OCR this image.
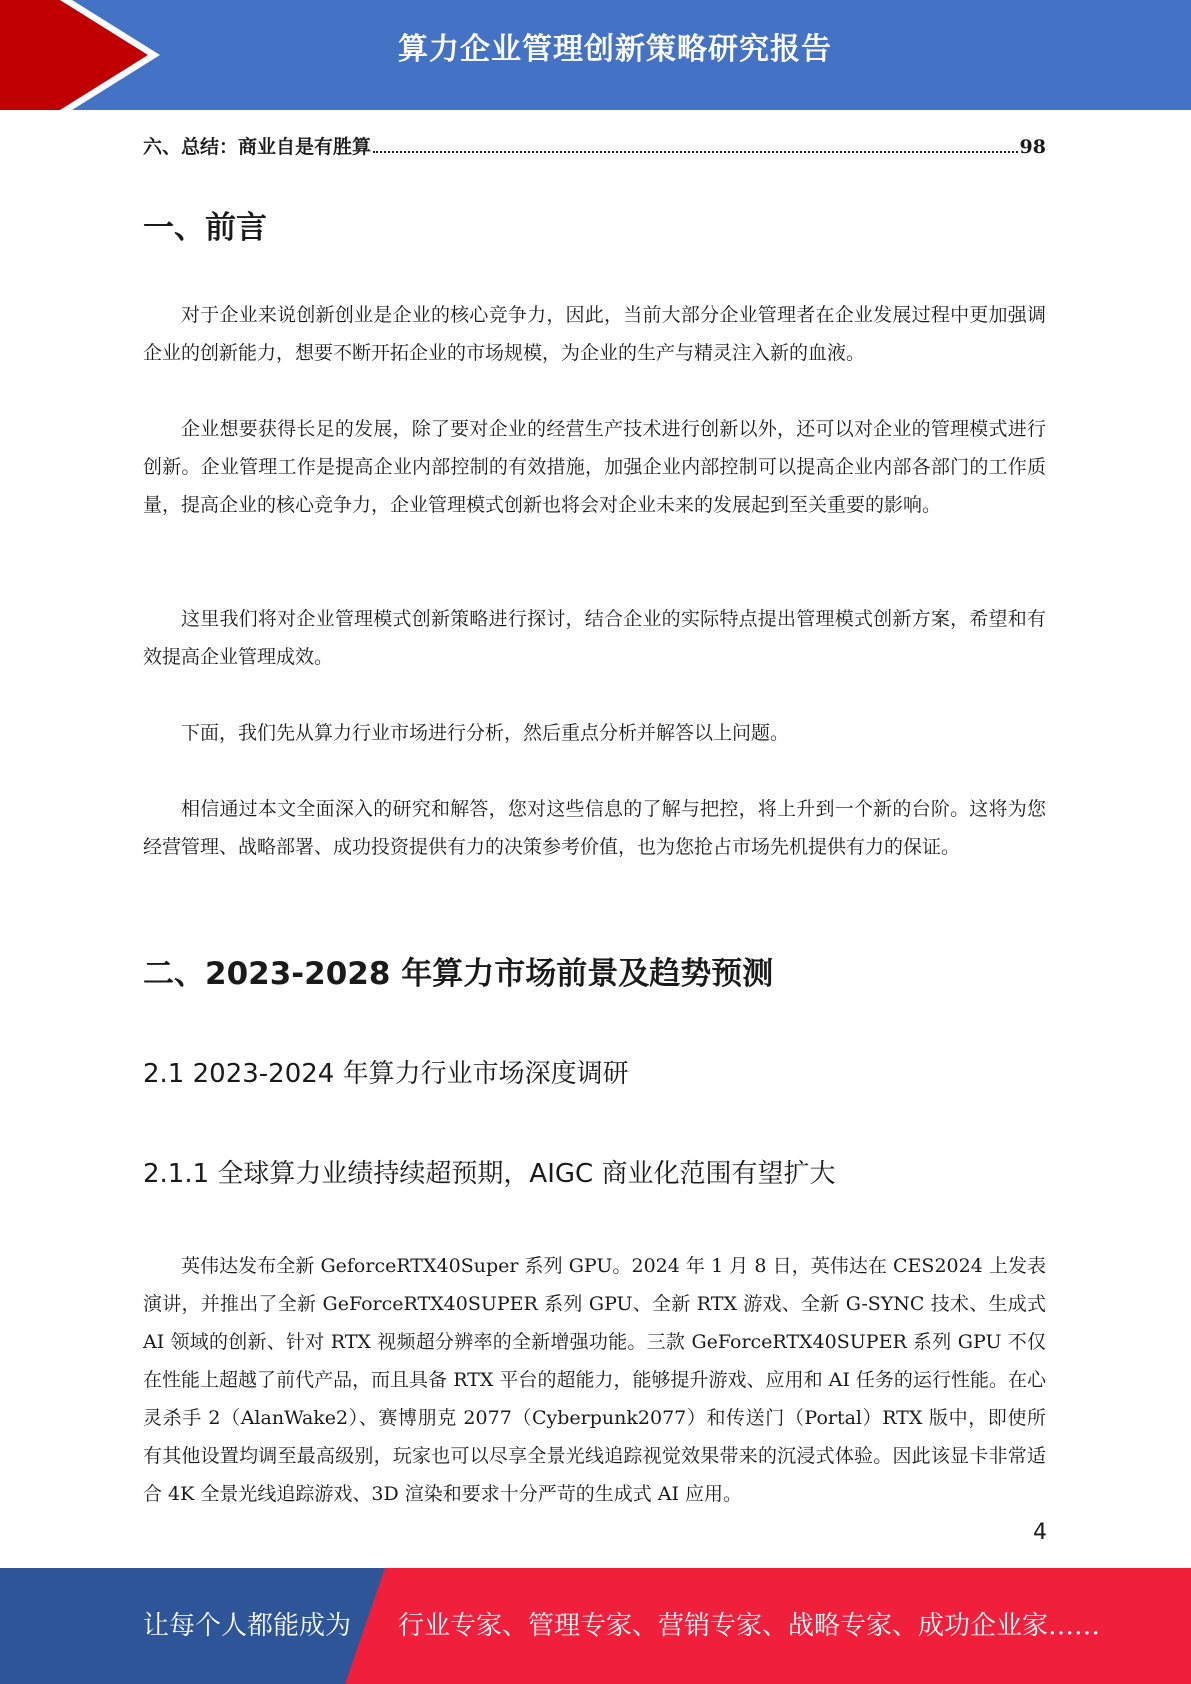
算力企业管理创新策略研究报告
六、总结：商业自是有胜算	98
一、前言

对于企业来说创新创业是企业的核心竞争力，因此，当前大部分企业管理者在企业发展过程中更加强调企业的创新能力，想要不断开拓企业的市场规模，为企业的生产与精灵注入新的血液。

企业想要获得长足的发展，除了要对企业的经营生产技术进行创新以外，还可以对企业的管理模式进行创新。企业管理工作是提高企业内部控制的有效措施，加强企业内部控制可以提高企业内部各部门的工作质量，提高企业的核心竞争力，企业管理模式创新也将会对企业未来的发展起到至关重要的影响。

这里我们将对企业管理模式创新策略进行探讨，结合企业的实际特点提出管理模式创新方案，希望和有效提高企业管理成效。

下面，我们先从算力行业市场进行分析，然后重点分析并解答以上问题。

相信通过本文全面深入的研究和解答，您对这些信息的了解与把控，将上升到一个新的台阶。这将为您经营管理、战略部署、成功投资提供有力的决策参考价值，也为您抢占市场先机提供有力的保证。

二、2023-2028 年算力市场前景及趋势预测
2.1 2023-2024 年算力行业市场深度调研
2.1.1 全球算力业绩持续超预期，AIGC 商业化范围有望扩大

英伟达发布全新 GeforceRTX40Super 系列 GPU。2024 年 1 月 8 日，英伟达在 CES2024 上发表演讲，并推出了全新 GeForceRTX40SUPER 系列 GPU、全新 RTX 游戏、全新 G-SYNC 技术、生成式 AI 领域的创新、针对 RTX 视频超分辨率的全新增强功能。三款 GeForceRTX40SUPER 系列 GPU 不仅在性能上超越了前代产品，而且具备 RTX 平台的超能力，能够提升游戏、应用和 AI 任务的运行性能。在心灵杀手 2（AlanWake2）、赛博朋克 2077（Cyberpunk2077）和传送门（Portal）RTX 版中，即使所有其他设置均调至最高级别，玩家也可以尽享全景光线追踪视觉效果带来的沉浸式体验。因此该显卡非常适合 4K 全景光线追踪游戏、3D 渲染和要求十分严苛的生成式 AI 应用。

4
让每个人都能成为 行业专家、管理专家、营销专家、战略专家、成功企业家……
